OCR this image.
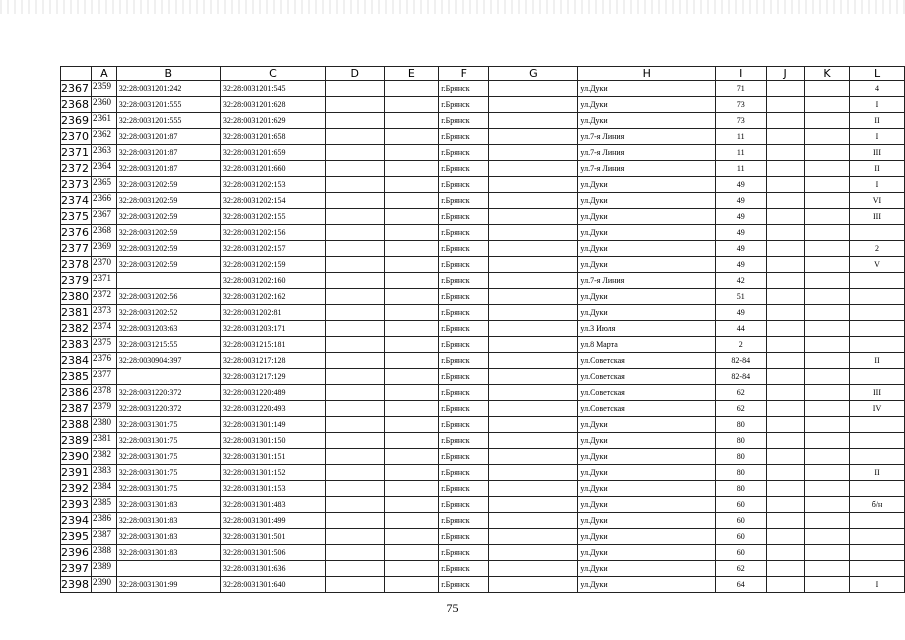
	A	B	C	D	E	F	G	H	I	J	K	L
2367	2359	32:28:0031201:242	32:28:0031201:545			г.Брянск		ул.Дуки	71			4
2368	2360	32:28:0031201:555	32:28:0031201:628			г.Брянск		ул.Дуки	73			I
2369	2361	32:28:0031201:555	32:28:0031201:629			г.Брянск		ул.Дуки	73			II
2370	2362	32:28:0031201:87	32:28:0031201:658			г.Брянск		ул.7-я Линия	11			I
2371	2363	32:28:0031201:87	32:28:0031201:659			г.Брянск		ул.7-я Линия	11			III
2372	2364	32:28:0031201:87	32:28:0031201:660			г.Брянск		ул.7-я Линия	11			II
2373	2365	32:28:0031202:59	32:28:0031202:153			г.Брянск		ул.Дуки	49			I
2374	2366	32:28:0031202:59	32:28:0031202:154			г.Брянск		ул.Дуки	49			VI
2375	2367	32:28:0031202:59	32:28:0031202:155			г.Брянск		ул.Дуки	49			III
2376	2368	32:28:0031202:59	32:28:0031202:156			г.Брянск		ул.Дуки	49			
2377	2369	32:28:0031202:59	32:28:0031202:157			г.Брянск		ул.Дуки	49			2
2378	2370	32:28:0031202:59	32:28:0031202:159			г.Брянск		ул.Дуки	49			V
2379	2371		32:28:0031202:160			г.Брянск		ул.7-я Линия	42			
2380	2372	32:28:0031202:56	32:28:0031202:162			г.Брянск		ул.Дуки	51			
2381	2373	32:28:0031202:52	32:28:0031202:81			г.Брянск		ул.Дуки	49			
2382	2374	32:28:0031203:63	32:28:0031203:171			г.Брянск		ул.3 Июля	44			
2383	2375	32:28:0031215:55	32:28:0031215:181			г.Брянск		ул.8 Марта	2			
2384	2376	32:28:0030904:397	32:28:0031217:128			г.Брянск		ул.Советская	82-84			II
2385	2377		32:28:0031217:129			г.Брянск		ул.Советская	82-84			
2386	2378	32:28:0031220:372	32:28:0031220:489			г.Брянск		ул.Советская	62			III
2387	2379	32:28:0031220:372	32:28:0031220:493			г.Брянск		ул.Советская	62			IV
2388	2380	32:28:0031301:75	32:28:0031301:149			г.Брянск		ул.Дуки	80			
2389	2381	32:28:0031301:75	32:28:0031301:150			г.Брянск		ул.Дуки	80			
2390	2382	32:28:0031301:75	32:28:0031301:151			г.Брянск		ул.Дуки	80			
2391	2383	32:28:0031301:75	32:28:0031301:152			г.Брянск		ул.Дуки	80			II
2392	2384	32:28:0031301:75	32:28:0031301:153			г.Брянск		ул.Дуки	80			
2393	2385	32:28:0031301:83	32:28:0031301:483			г.Брянск		ул.Дуки	60			б/н
2394	2386	32:28:0031301:83	32:28:0031301:499			г.Брянск		ул.Дуки	60			
2395	2387	32:28:0031301:83	32:28:0031301:501			г.Брянск		ул.Дуки	60			
2396	2388	32:28:0031301:83	32:28:0031301:506			г.Брянск		ул.Дуки	60			
2397	2389		32:28:0031301:636			г.Брянск		ул.Дуки	62			
2398	2390	32:28:0031301:99	32:28:0031301:640			г.Брянск		ул.Дуки	64			I
75
